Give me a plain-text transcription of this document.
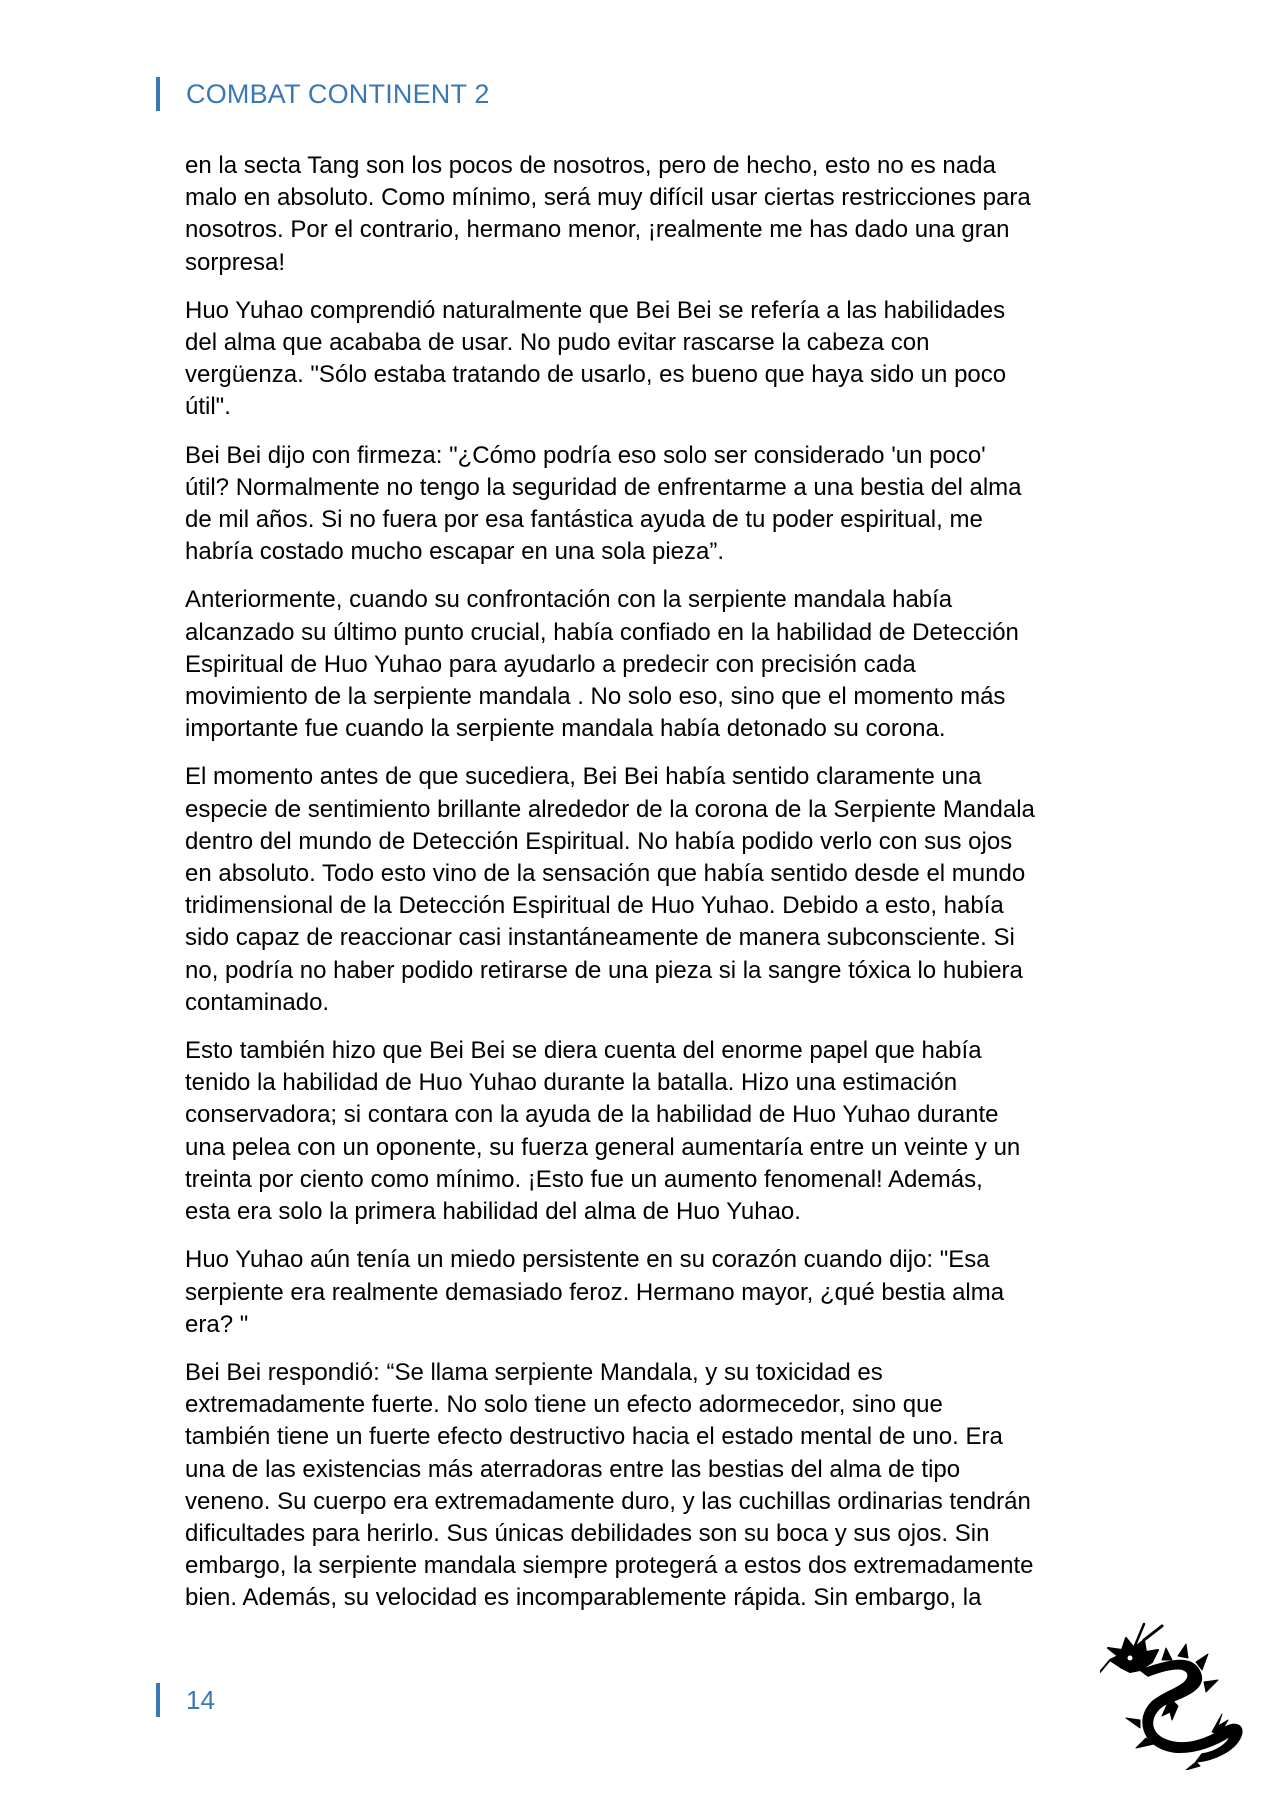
COMBAT CONTINENT 2

en la secta Tang son los pocos de nosotros, pero de hecho, esto no es nada
malo en absoluto. Como mínimo, será muy difícil usar ciertas restricciones para
nosotros. Por el contrario, hermano menor, ¡realmente me has dado una gran
sorpresa!

Huo Yuhao comprendió naturalmente que Bei Bei se refería a las habilidades
del alma que acababa de usar. No pudo evitar rascarse la cabeza con
vergüenza. "Sólo estaba tratando de usarlo, es bueno que haya sido un poco
útil".

Bei Bei dijo con firmeza: "¿Cómo podría eso solo ser considerado 'un poco'
útil? Normalmente no tengo la seguridad de enfrentarme a una bestia del alma
de mil años. Si no fuera por esa fantástica ayuda de tu poder espiritual, me
habría costado mucho escapar en una sola pieza”.

Anteriormente, cuando su confrontación con la serpiente mandala había
alcanzado su último punto crucial, había confiado en la habilidad de Detección
Espiritual de Huo Yuhao para ayudarlo a predecir con precisión cada
movimiento de la serpiente mandala . No solo eso, sino que el momento más
importante fue cuando la serpiente mandala había detonado su corona.

El momento antes de que sucediera, Bei Bei había sentido claramente una
especie de sentimiento brillante alrededor de la corona de la Serpiente Mandala
dentro del mundo de Detección Espiritual. No había podido verlo con sus ojos
en absoluto. Todo esto vino de la sensación que había sentido desde el mundo
tridimensional de la Detección Espiritual de Huo Yuhao. Debido a esto, había
sido capaz de reaccionar casi instantáneamente de manera subconsciente. Si
no, podría no haber podido retirarse de una pieza si la sangre tóxica lo hubiera
contaminado.

Esto también hizo que Bei Bei se diera cuenta del enorme papel que había
tenido la habilidad de Huo Yuhao durante la batalla. Hizo una estimación
conservadora; si contara con la ayuda de la habilidad de Huo Yuhao durante
una pelea con un oponente, su fuerza general aumentaría entre un veinte y un
treinta por ciento como mínimo. ¡Esto fue un aumento fenomenal! Además,
esta era solo la primera habilidad del alma de Huo Yuhao.

Huo Yuhao aún tenía un miedo persistente en su corazón cuando dijo: "Esa
serpiente era realmente demasiado feroz. Hermano mayor, ¿qué bestia alma
era? "

Bei Bei respondió: “Se llama serpiente Mandala, y su toxicidad es
extremadamente fuerte. No solo tiene un efecto adormecedor, sino que
también tiene un fuerte efecto destructivo hacia el estado mental de uno. Era
una de las existencias más aterradoras entre las bestias del alma de tipo
veneno. Su cuerpo era extremadamente duro, y las cuchillas ordinarias tendrán
dificultades para herirlo. Sus únicas debilidades son su boca y sus ojos. Sin
embargo, la serpiente mandala siempre protegerá a estos dos extremadamente
bien. Además, su velocidad es incomparablemente rápida. Sin embargo, la

14
